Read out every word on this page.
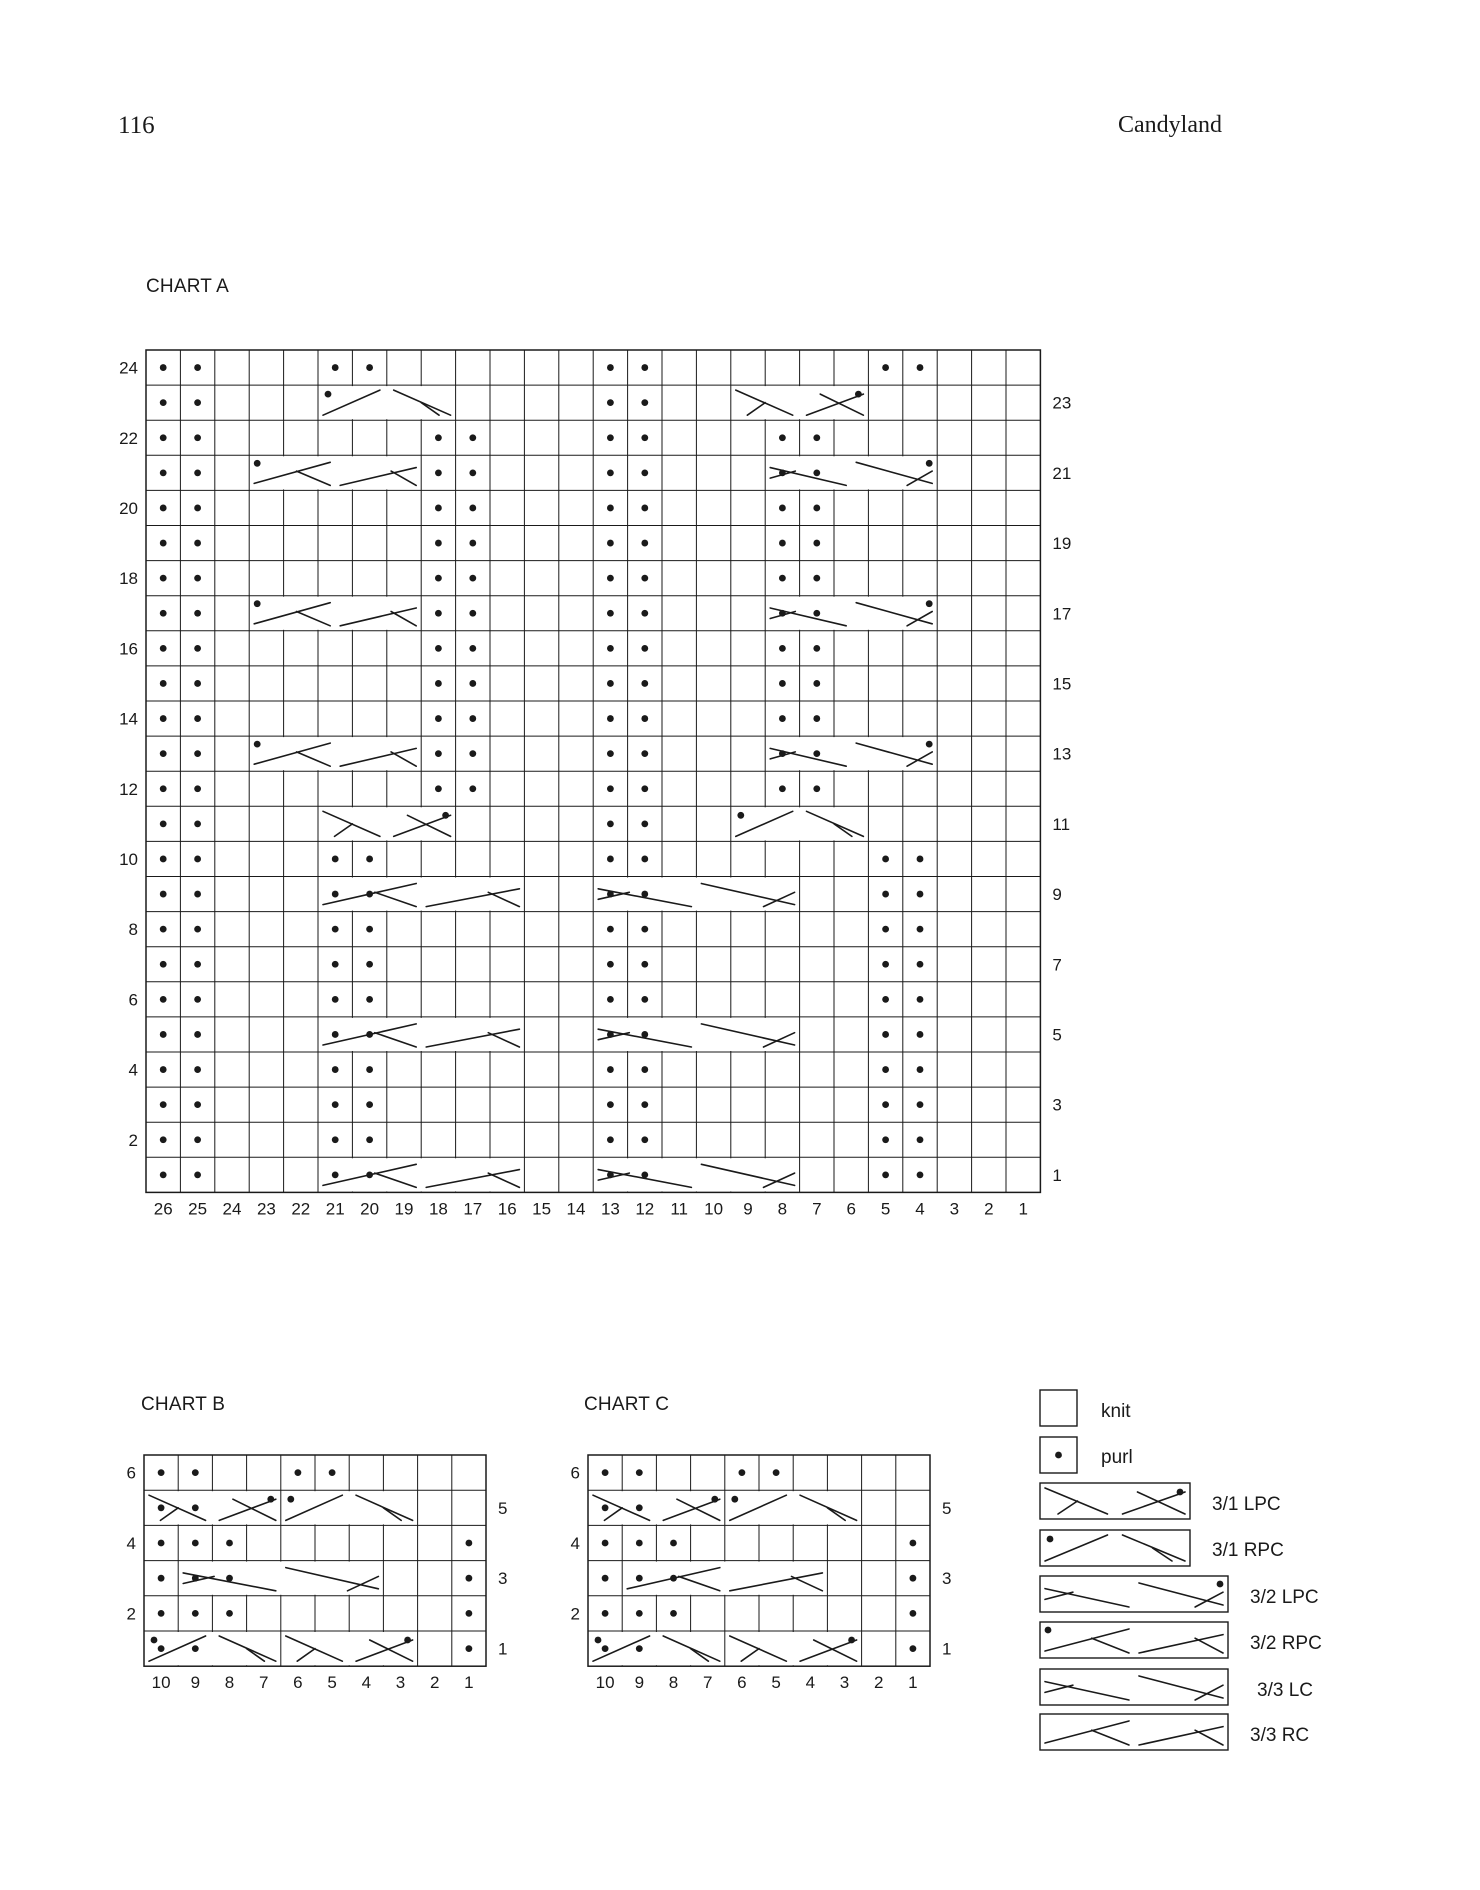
116	Candyland
CHART A
CHART B	CHART C
1
2
3
4
5
6
7
8
9
10
11
12
13
14
15
16
17
18
19
20
21
22
23
24
25
26
1
2
3
4
5
6
7
8
9
10
11
12
13
14
15
16
17
18
19
20
21
22
23
24
1
2
3
4
5
6
7
8
9
10
1
2
3
4
5
6
1
2
3
4
5
6
7
8
9
10
1
2
3
4
5
6
knit
purl
3/1 LPC
3/1 RPC
3/2 LPC
3/2 RPC
3/3 LC
3/3 RC
